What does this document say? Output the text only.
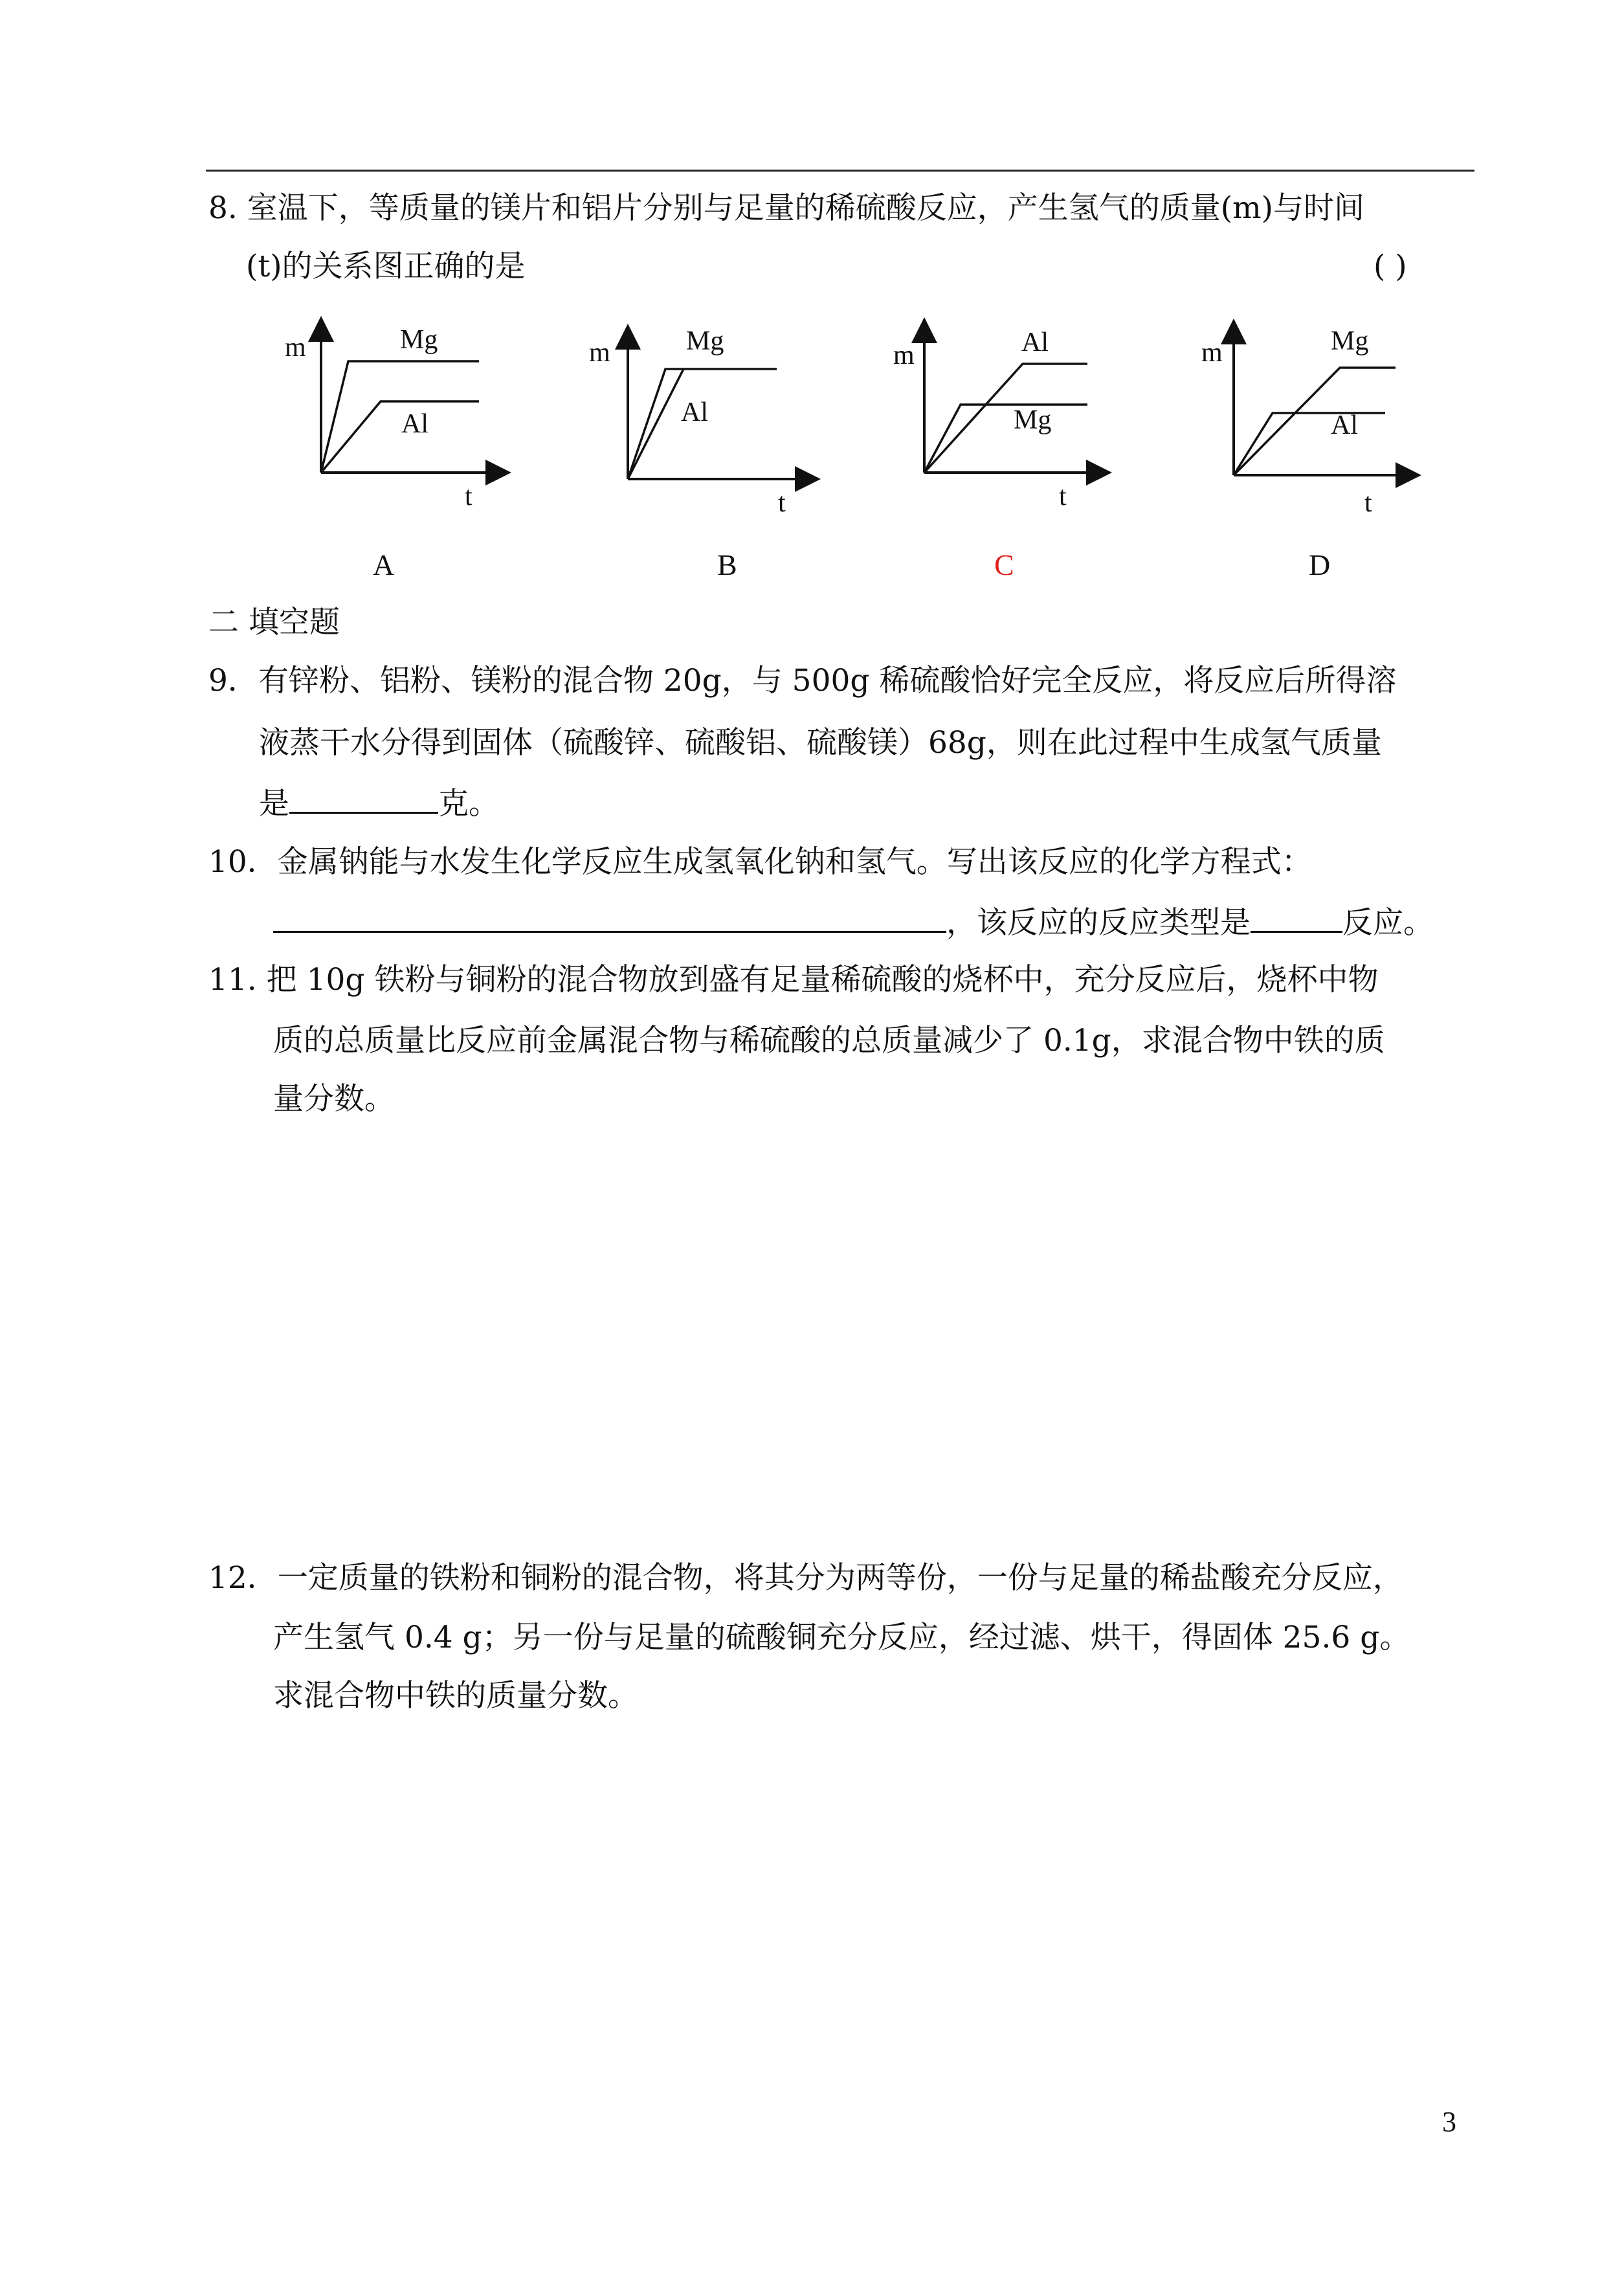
8. 室温下，等质量的镁片和铝片分别与足量的稀硫酸反应，产生氢气的质量(m)与时间
(t)的关系图正确的是	( )
m	Mg
Al
t
m	Mg
Al
t
m	Al
Mg
t
m	Mg
Al
t
A	B	C	D
二 填空题
9．有锌粉、铝粉、镁粉的混合物 20g，与 500g 稀硫酸恰好完全反应，将反应后所得溶
液蒸干水分得到固体（硫酸锌、硫酸铝、硫酸镁）68g，则在此过程中生成氢气质量
是	克。
10．金属钠能与水发生化学反应生成氢氧化钠和氢气。写出该反应的化学方程式：
，该反应的反应类型是	反应。
11. 把 10g 铁粉与铜粉的混合物放到盛有足量稀硫酸的烧杯中，充分反应后，烧杯中物
质的总质量比反应前金属混合物与稀硫酸的总质量减少了 0.1g，求混合物中铁的质
量分数。
12．一定质量的铁粉和铜粉的混合物，将其分为两等份，一份与足量的稀盐酸充分反应，
产生氢气 0.4 g；另一份与足量的硫酸铜充分反应，经过滤、烘干，得固体 25.6 g。
求混合物中铁的质量分数。
3
